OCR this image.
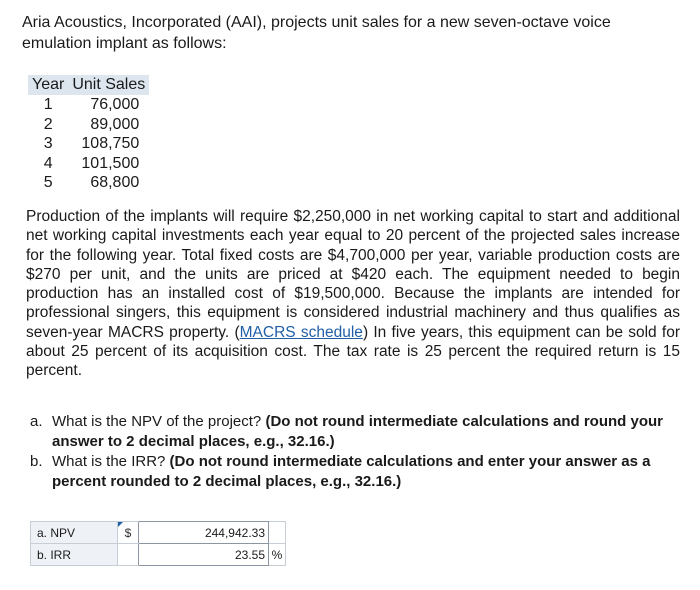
Aria Acoustics, Incorporated (AAI), projects unit sales for a new seven-octave voice emulation implant as follows:

Year	Unit Sales
1	76,000
2	89,000
3	108,750
4	101,500
5	68,800

Production of the implants will require $2,250,000 in net working capital to start and additional net working capital investments each year equal to 20 percent of the projected sales increase for the following year. Total fixed costs are $4,700,000 per year, variable production costs are $270 per unit, and the units are priced at $420 each. The equipment needed to begin production has an installed cost of $19,500,000. Because the implants are intended for professional singers, this equipment is considered industrial machinery and thus qualifies as seven-year MACRS property. (MACRS schedule) In five years, this equipment can be sold for about 25 percent of its acquisition cost. The tax rate is 25 percent the required return is 15 percent.

a. What is the NPV of the project? (Do not round intermediate calculations and round your answer to 2 decimal places, e.g., 32.16.)
b. What is the IRR? (Do not round intermediate calculations and enter your answer as a percent rounded to 2 decimal places, e.g., 32.16.)
a. NPV	$	244,942.33	
b. IRR		23.55	%
